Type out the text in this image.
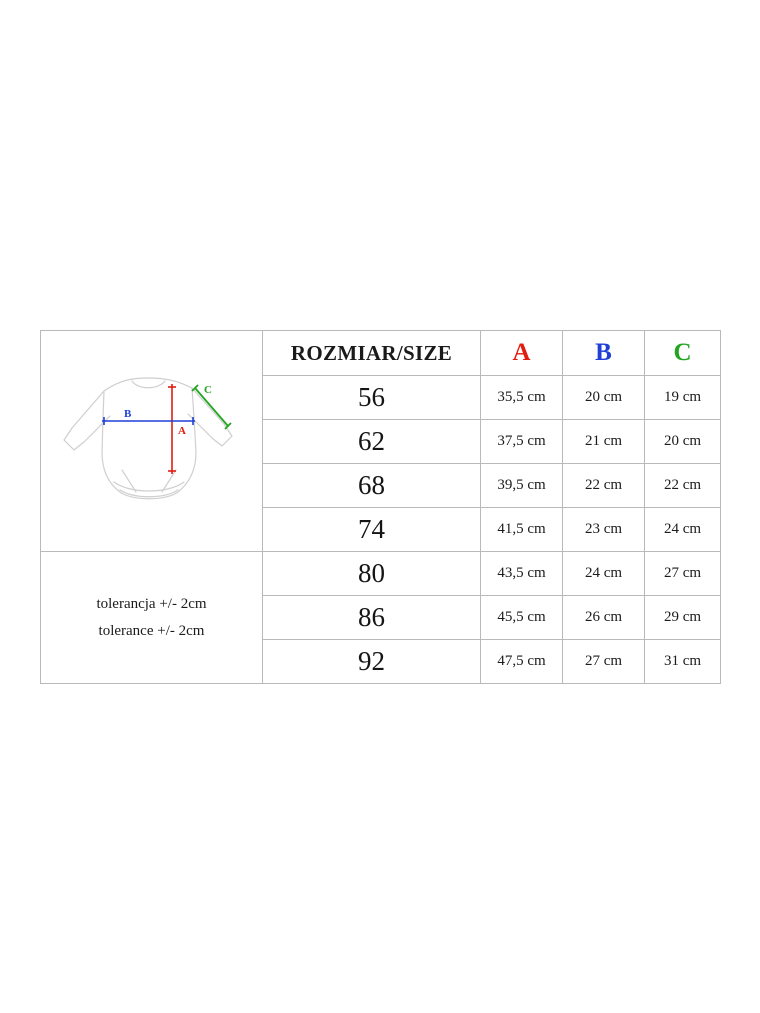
A
B
C	ROZMIAR/SIZE	A	B	C
	56	35,5 cm	20 cm	19 cm
	62	37,5 cm	21 cm	20 cm
	68	39,5 cm	22 cm	22 cm
	74	41,5 cm	23 cm	24 cm

tolerancja +/- 2cm
tolerance +/- 2cm	80	43,5 cm	24 cm	27 cm
	86	45,5 cm	26 cm	29 cm
	92	47,5 cm	27 cm	31 cm
